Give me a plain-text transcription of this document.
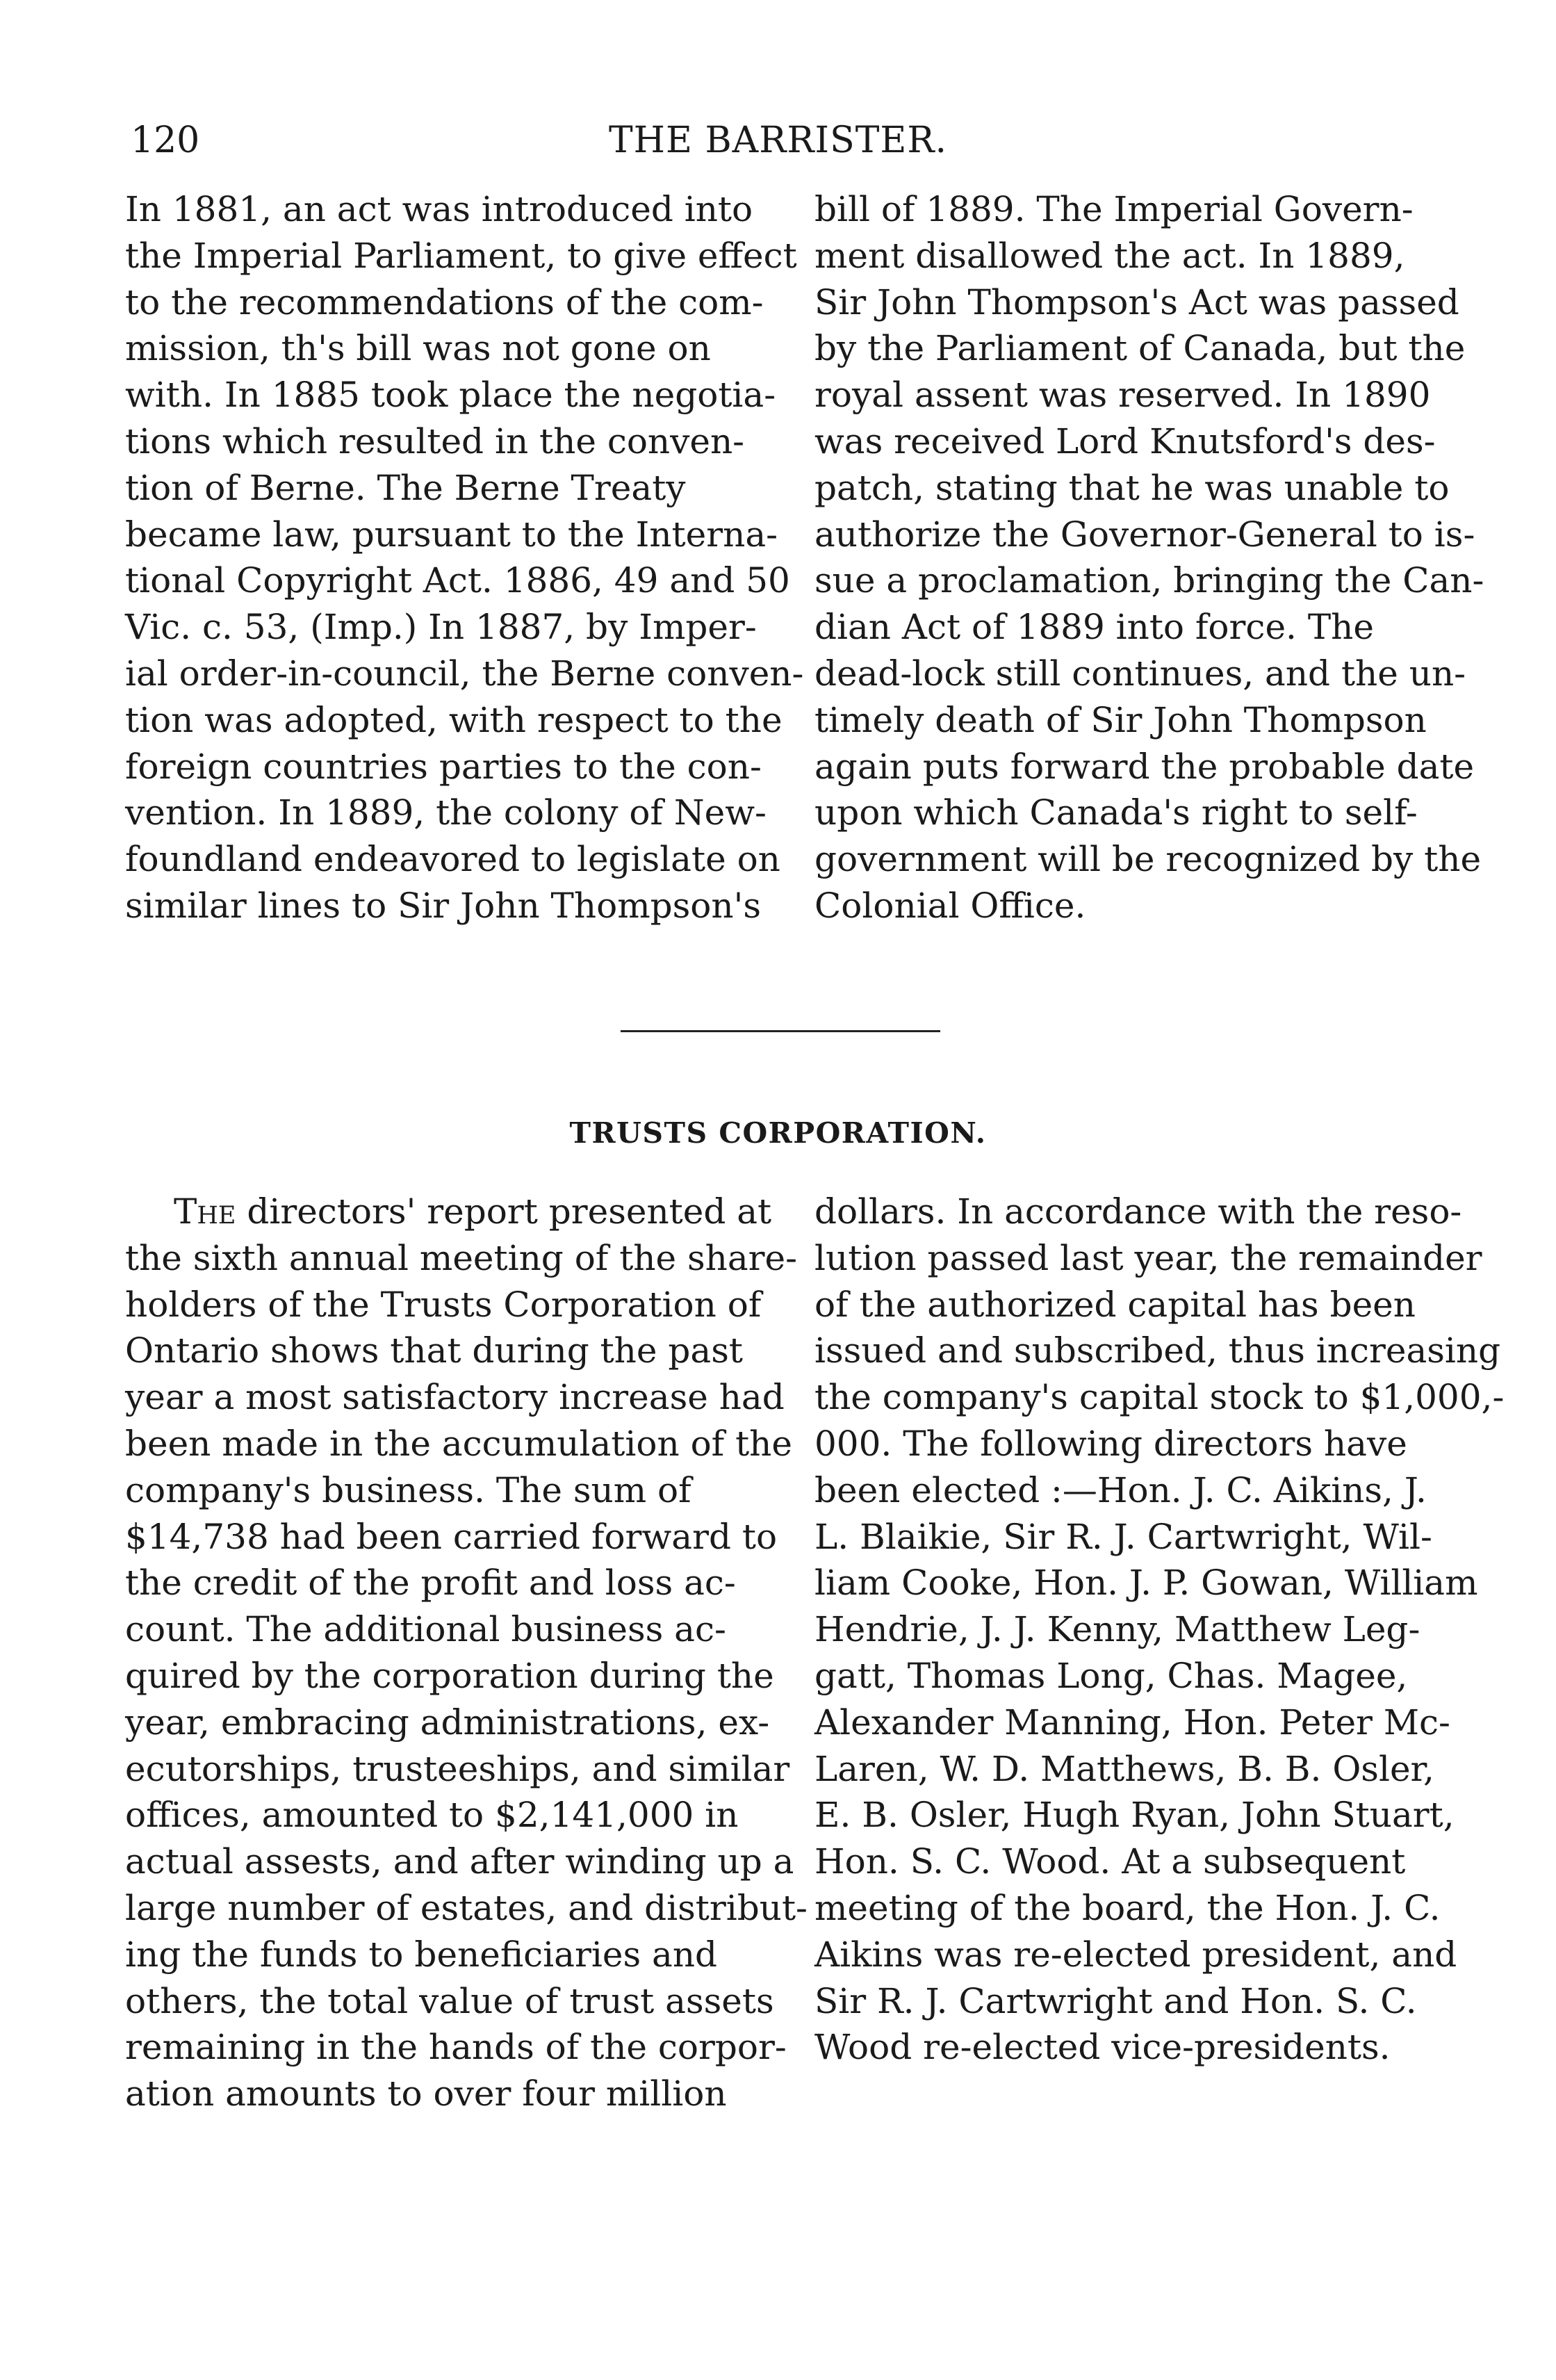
120	THE BARRISTER.
In 1881, an act was introduced into
the Imperial Parliament, to give effect
to the recommendations of the com-
mission, th's bill was not gone on
with. In 1885 took place the negotia-
tions which resulted in the conven-
tion of Berne. The Berne Treaty
became law, pursuant to the Interna-
tional Copyright Act. 1886, 49 and 50
Vic. c. 53, (Imp.) In 1887, by Imper-
ial order-in-council, the Berne conven-
tion was adopted, with respect to the
foreign countries parties to the con-
vention. In 1889, the colony of New-
foundland endeavored to legislate on
similar lines to Sir John Thompson's
bill of 1889. The Imperial Govern-
ment disallowed the act. In 1889,
Sir John Thompson's Act was passed
by the Parliament of Canada, but the
royal assent was reserved. In 1890
was received Lord Knutsford's des-
patch, stating that he was unable to
authorize the Governor-General to is-
sue a proclamation, bringing the Can-
dian Act of 1889 into force. The
dead-lock still continues, and the un-
timely death of Sir John Thompson
again puts forward the probable date
upon which Canada's right to self-
government will be recognized by the
Colonial Office.
TRUSTS CORPORATION.
The directors' report presented at
the sixth annual meeting of the share-
holders of the Trusts Corporation of
Ontario shows that during the past
year a most satisfactory increase had
been made in the accumulation of the
company's business. The sum of
$14,738 had been carried forward to
the credit of the profit and loss ac-
count. The additional business ac-
quired by the corporation during the
year, embracing administrations, ex-
ecutorships, trusteeships, and similar
offices, amounted to $2,141,000 in
actual assests, and after winding up a
large number of estates, and distribut-
ing the funds to beneficiaries and
others, the total value of trust assets
remaining in the hands of the corpor-
ation amounts to over four million
dollars. In accordance with the reso-
lution passed last year, the remainder
of the authorized capital has been
issued and subscribed, thus increasing
the company's capital stock to $1,000,-
000. The following directors have
been elected :—Hon. J. C. Aikins, J.
L. Blaikie, Sir R. J. Cartwright, Wil-
liam Cooke, Hon. J. P. Gowan, William
Hendrie, J. J. Kenny, Matthew Leg-
gatt, Thomas Long, Chas. Magee,
Alexander Manning, Hon. Peter Mc-
Laren, W. D. Matthews, B. B. Osler,
E. B. Osler, Hugh Ryan, John Stuart,
Hon. S. C. Wood. At a subsequent
meeting of the board, the Hon. J. C.
Aikins was re-elected president, and
Sir R. J. Cartwright and Hon. S. C.
Wood re-elected vice-presidents.
